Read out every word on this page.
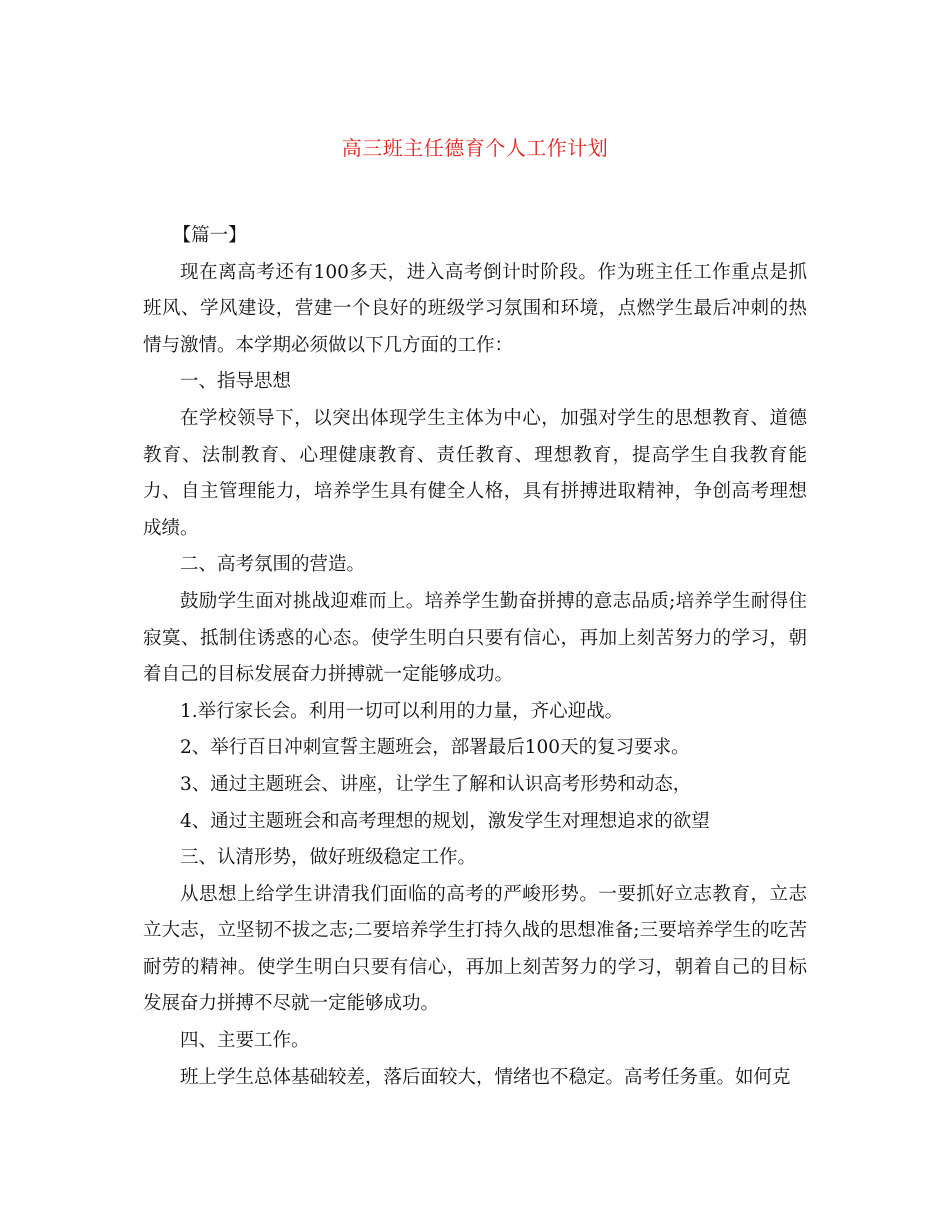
高三班主任德育个人工作计划

【篇一】

现在离高考还有100多天，进入高考倒计时阶段。作为班主任工作重点是抓班风、学风建设，营建一个良好的班级学习氛围和环境，点燃学生最后冲刺的热情与激情。本学期必须做以下几方面的工作：

一、指导思想

在学校领导下，以突出体现学生主体为中心，加强对学生的思想教育、道德教育、法制教育、心理健康教育、责任教育、理想教育，提高学生自我教育能力、自主管理能力，培养学生具有健全人格，具有拼搏进取精神，争创高考理想成绩。

二、高考氛围的营造。

鼓励学生面对挑战迎难而上。培养学生勤奋拼搏的意志品质;培养学生耐得住寂寞、抵制住诱惑的心态。使学生明白只要有信心，再加上刻苦努力的学习，朝着自己的目标发展奋力拼搏就一定能够成功。

1.举行家长会。利用一切可以利用的力量，齐心迎战。

2、举行百日冲刺宣誓主题班会，部署最后100天的复习要求。

3、通过主题班会、讲座，让学生了解和认识高考形势和动态，

4、通过主题班会和高考理想的规划，激发学生对理想追求的欲望

三、认清形势，做好班级稳定工作。

从思想上给学生讲清我们面临的高考的严峻形势。一要抓好立志教育，立志立大志，立坚韧不拔之志;二要培养学生打持久战的思想准备;三要培养学生的吃苦耐劳的精神。使学生明白只要有信心，再加上刻苦努力的学习，朝着自己的目标发展奋力拼搏不尽就一定能够成功。

四、主要工作。

班上学生总体基础较差，落后面较大，情绪也不稳定。高考任务重。如何克
